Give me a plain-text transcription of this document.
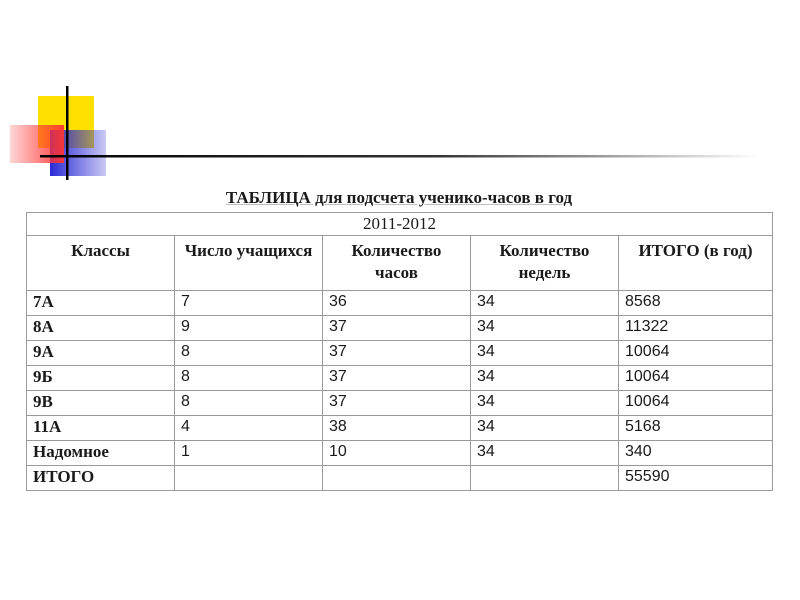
ТАБЛИЦА для подсчета ученико-часов в год
2011-2012				
Классы	Число учащихся	Количество часов	Количество недель	ИТОГО (в год)
7А	7	36	34	8568
8А	9	37	34	11322
9А	8	37	34	10064
9Б	8	37	34	10064
9В	8	37	34	10064
11А	4	38	34	5168
Надомное	1	10	34	340
ИТОГО				55590
